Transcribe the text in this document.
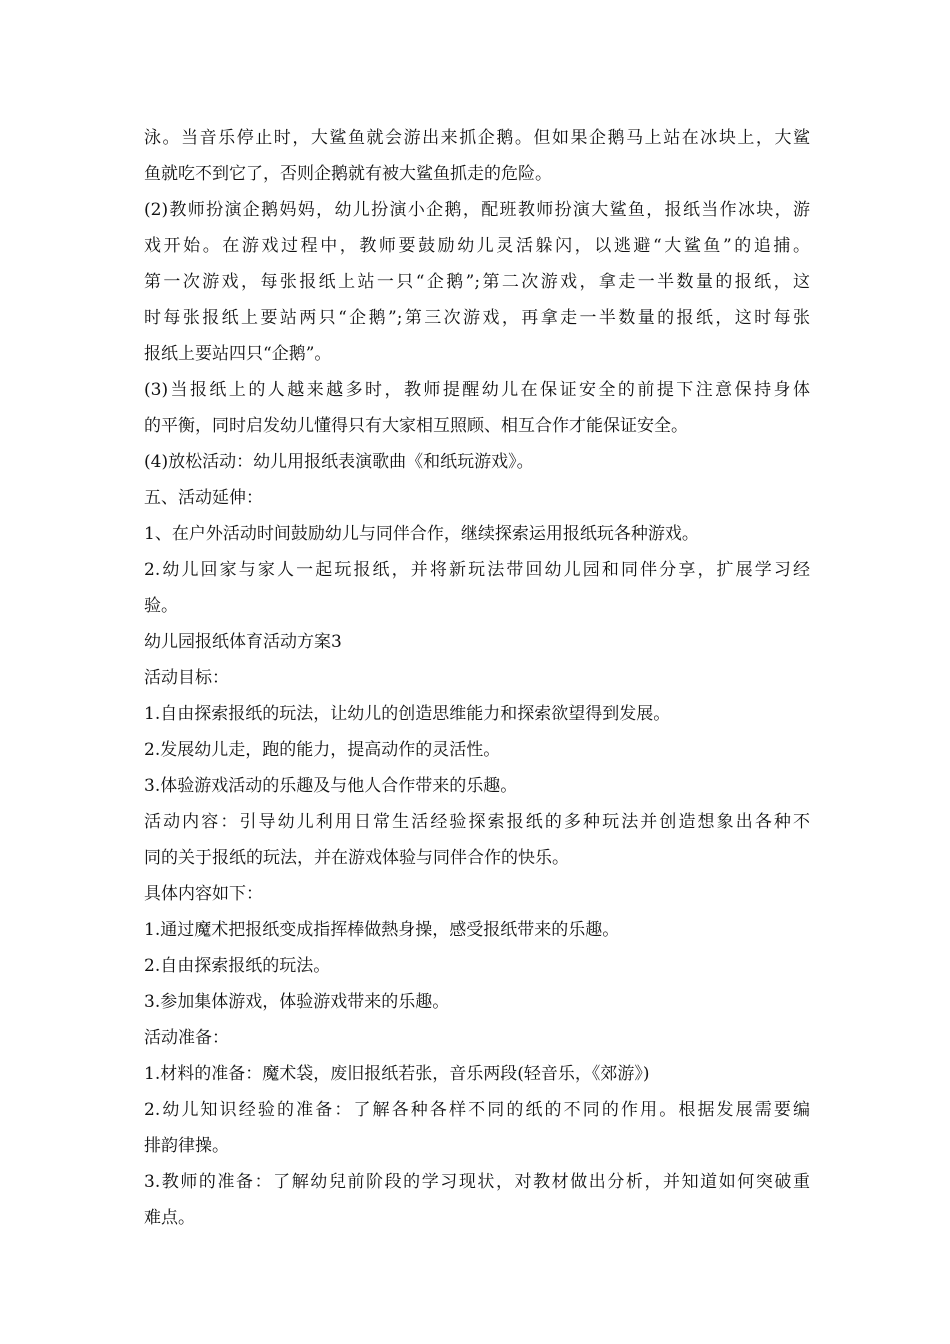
泳。当音乐停止时，大鲨鱼就会游出来抓企鹅。但如果企鹅马上站在冰块上，大鲨
鱼就吃不到它了，否则企鹅就有被大鲨鱼抓走的危险。
(2)教师扮演企鹅妈妈，幼儿扮演小企鹅，配班教师扮演大鲨鱼，报纸当作冰块，游
戏开始。在游戏过程中，教师要鼓励幼儿灵活躲闪，以逃避“大鲨鱼”的追捕。
第一次游戏，每张报纸上站一只“企鹅”;第二次游戏，拿走一半数量的报纸，这
时每张报纸上要站两只“企鹅”;第三次游戏，再拿走一半数量的报纸，这时每张
报纸上要站四只“企鹅”。
(3)当报纸上的人越来越多时，教师提醒幼儿在保证安全的前提下注意保持身体
的平衡，同时启发幼儿懂得只有大家相互照顾、相互合作才能保证安全。
(4)放松活动：幼儿用报纸表演歌曲《和纸玩游戏》。
五、活动延伸：
1、在户外活动时间鼓励幼儿与同伴合作，继续探索运用报纸玩各种游戏。
2.幼儿回家与家人一起玩报纸，并将新玩法带回幼儿园和同伴分享，扩展学习经
验。
幼儿园报纸体育活动方案3
活动目标：
1.自由探索报纸的玩法，让幼儿的创造思维能力和探索欲望得到发展。
2.发展幼儿走，跑的能力，提高动作的灵活性。
3.体验游戏活动的乐趣及与他人合作带来的乐趣。
活动内容：引导幼儿利用日常生活经验探索报纸的多种玩法并创造想象出各种不
同的关于报纸的玩法，并在游戏体验与同伴合作的快乐。
具体内容如下：
1.通过魔术把报纸变成指挥棒做熱身操，感受报纸带来的乐趣。
2.自由探索报纸的玩法。
3.参加集体游戏，体验游戏带来的乐趣。
活动准备：
1.材料的准备：魔术袋，废旧报纸若张，音乐两段(轻音乐，《郊游》)
2.幼儿知识经验的准备：了解各种各样不同的纸的不同的作用。根据发展需要编
排韵律操。
3.教师的准备：了解幼兒前阶段的学习现状，对教材做出分析，并知道如何突破重
难点。
